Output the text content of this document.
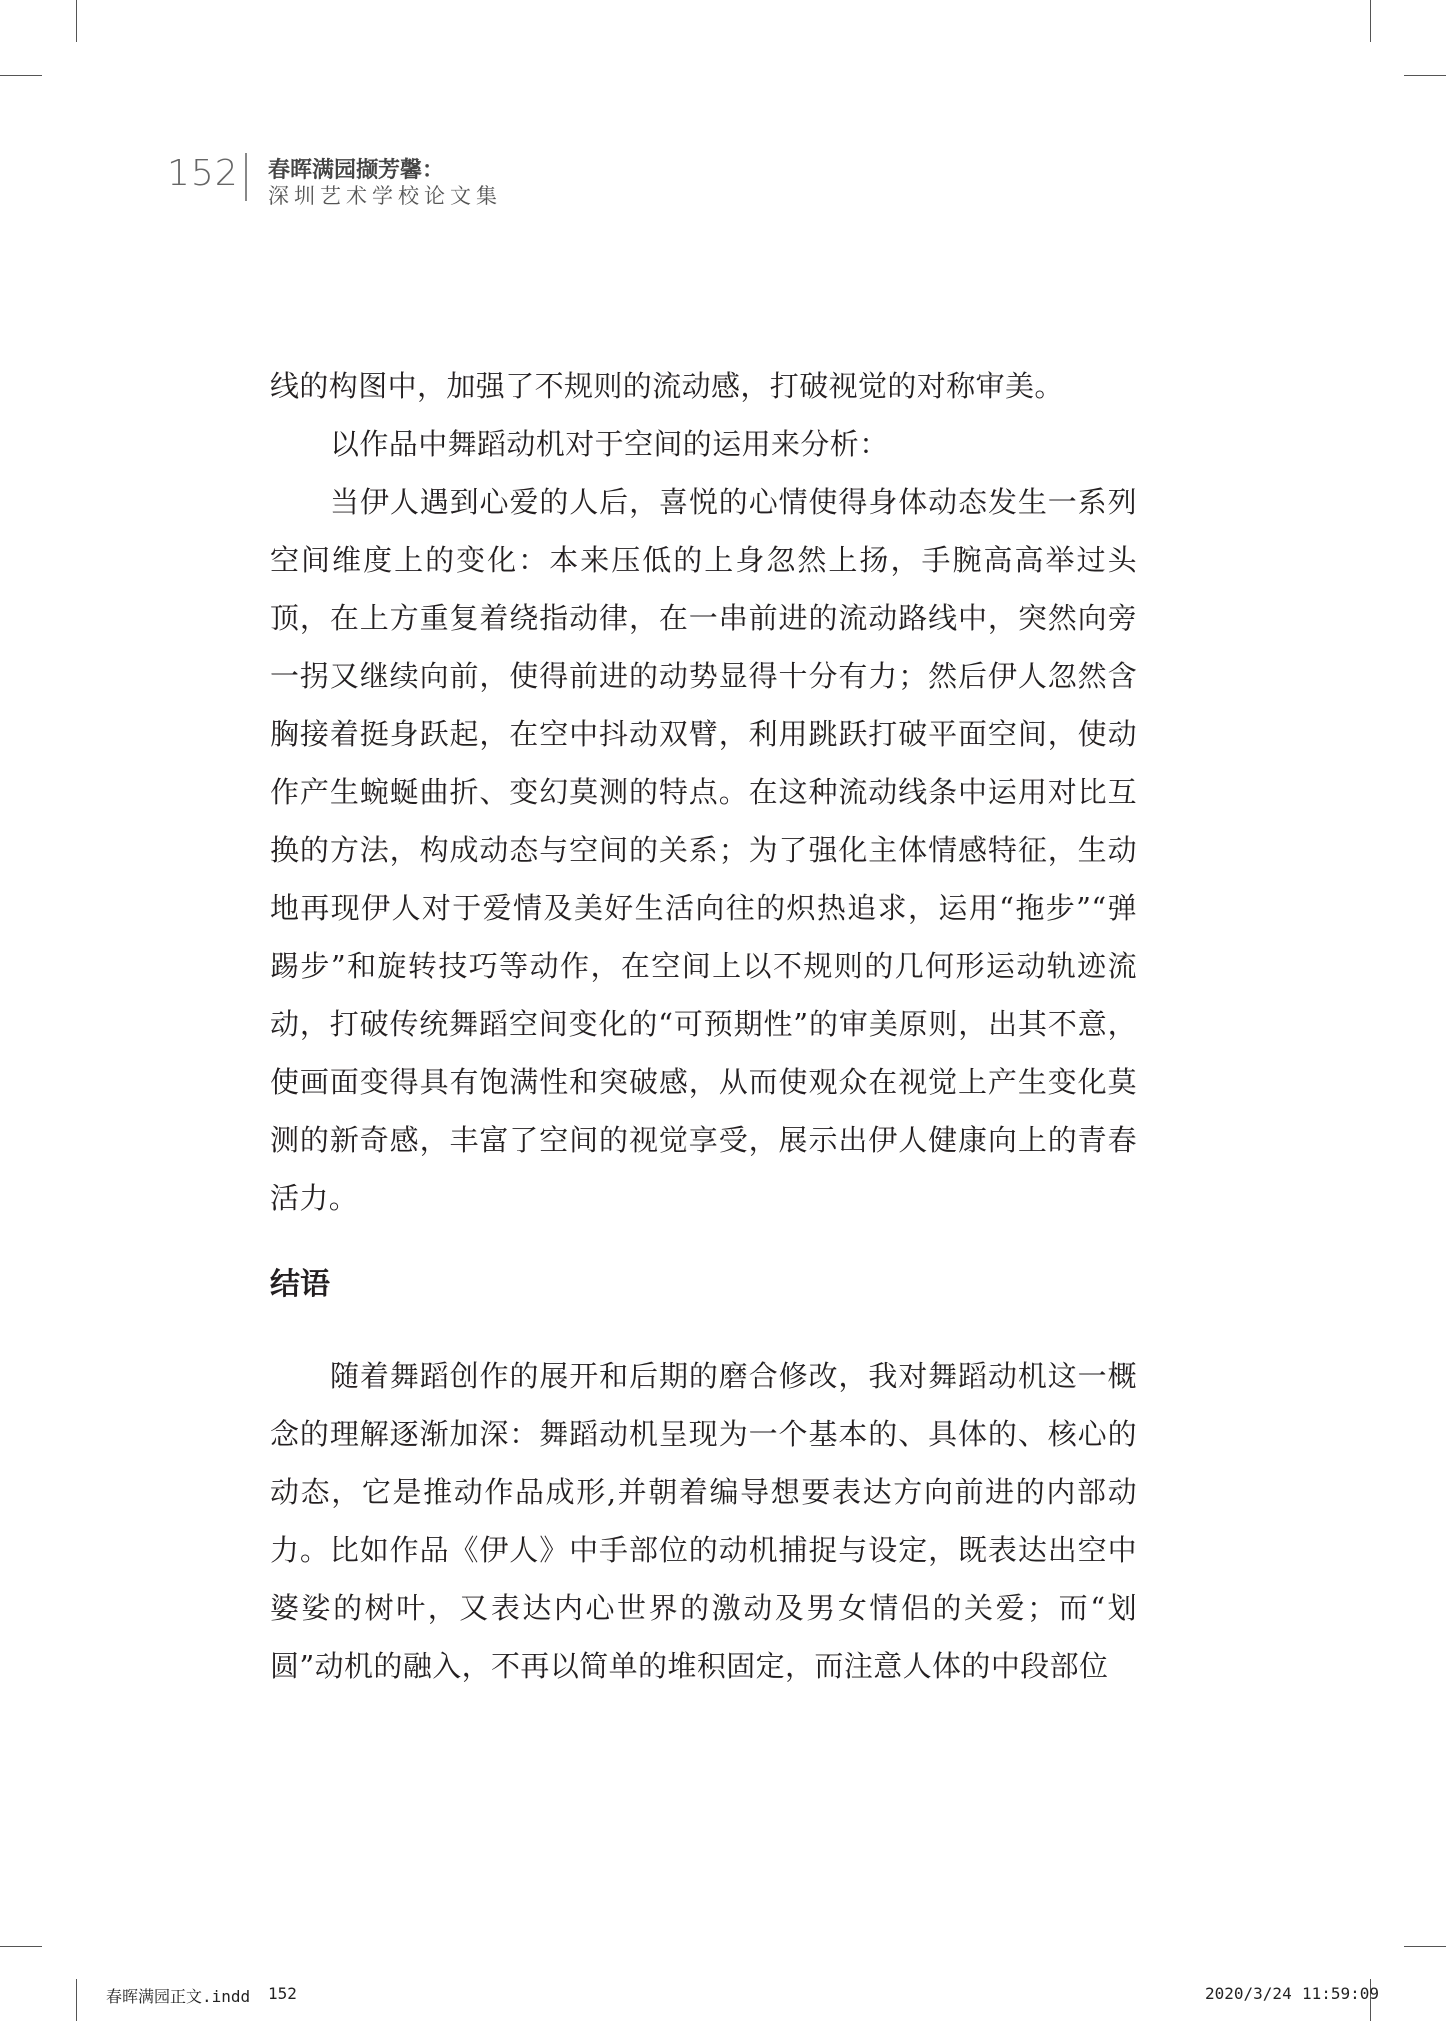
152 春晖满园撷芳馨：
深圳艺术学校论文集

线的构图中，加强了不规则的流动感，打破视觉的对称审美。

以作品中舞蹈动机对于空间的运用来分析：

当伊人遇到心爱的人后，喜悦的心情使得身体动态发生一系列空间维度上的变化：本来压低的上身忽然上扬，手腕高高举过头顶，在上方重复着绕指动律，在一串前进的流动路线中，突然向旁一拐又继续向前，使得前进的动势显得十分有力；然后伊人忽然含胸接着挺身跃起，在空中抖动双臂，利用跳跃打破平面空间，使动作产生蜿蜒曲折、变幻莫测的特点。在这种流动线条中运用对比互换的方法，构成动态与空间的关系；为了强化主体情感特征，生动地再现伊人对于爱情及美好生活向往的炽热追求，运用“拖步”“弹踢步”和旋转技巧等动作，在空间上以不规则的几何形运动轨迹流动，打破传统舞蹈空间变化的“可预期性”的审美原则，出其不意，使画面变得具有饱满性和突破感，从而使观众在视觉上产生变化莫测的新奇感，丰富了空间的视觉享受，展示出伊人健康向上的青春活力。

结语

随着舞蹈创作的展开和后期的磨合修改，我对舞蹈动机这一概念的理解逐渐加深：舞蹈动机呈现为一个基本的、具体的、核心的动态，它是推动作品成形,并朝着编导想要表达方向前进的内部动力。比如作品《伊人》中手部位的动机捕捉与设定，既表达出空中婆娑的树叶，又表达内心世界的激动及男女情侣的关爱；而“划圆”动机的融入，不再以简单的堆积固定，而注意人体的中段部位

春晖满园正文.indd 152	2020/3/24 11:59:09
